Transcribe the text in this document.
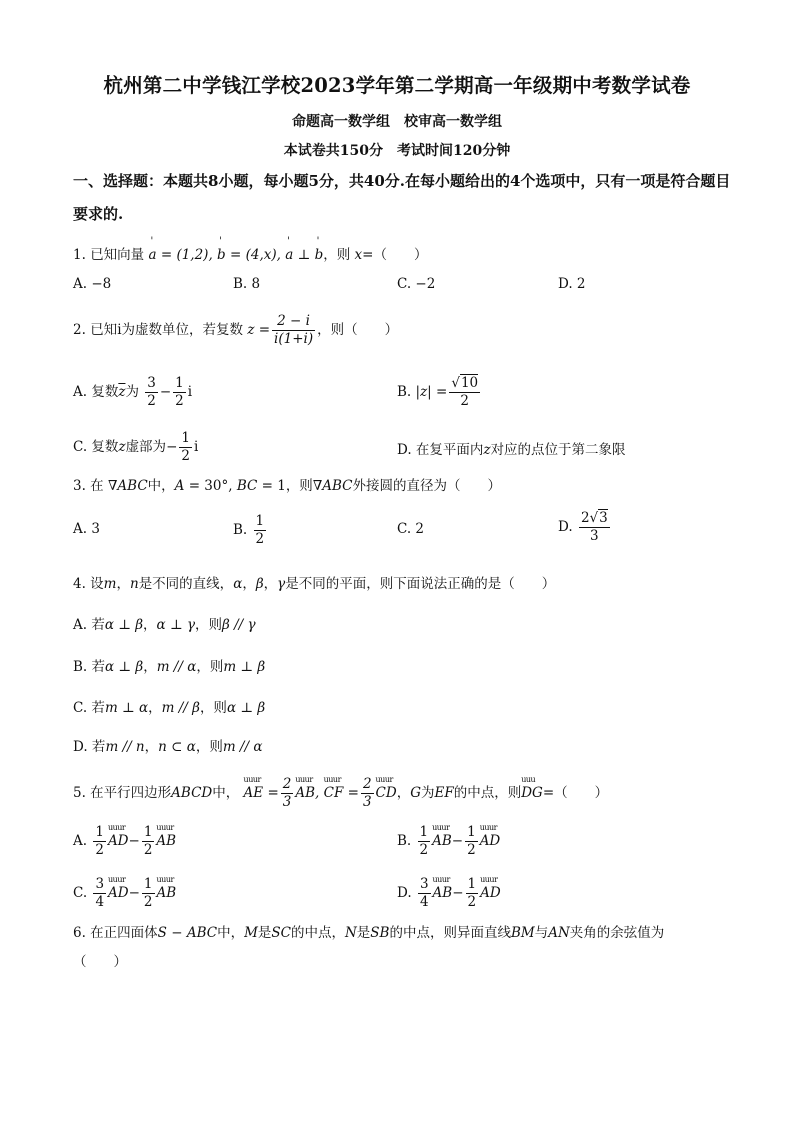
杭州第二中学钱江学校2023学年第二学期高一年级期中考数学试卷
命题高一数学组　校审高一数学组
本试卷共150分　考试时间120分钟
一、选择题：本题共8小题，每小题5分，共40分.在每小题给出的4个选项中，只有一项是符合题目要求的.
1. 已知向量 ' a = (1,2), ' b = (4,x), ' a ⊥ ' b，则 x=（　　）
A. −8	B. 8	C. −2	D. 2
2. 已知i为虚数单位，若复数 $z = \frac{2 - i}{i(1+i)}$ ，则（　　）
A. 复数$\overline{z}$为 $\frac{3}{2} - \frac{1}{2}$ i	B. $|z| = \frac{√10}{2}$
C. 复数z虚部为− $\frac{1}{2}$ i	D. 在复平面内z对应的点位于第二象限
3. 在 ∇ABC中，A = 30°, BC = 1，则∇ABC外接圆的直径为（　　）
A. 3	B. $\frac{1}{2}$	C. 2	D. $\frac{2√3}{3}$
4. 设m，n是不同的直线，α，β，γ是不同的平面，则下面说法正确的是（　　）
A. 若α ⊥ β，α ⊥ γ，则β // γ
B. 若α ⊥ β，m // α，则m ⊥ β
C. 若m ⊥ α，m // β，则α ⊥ β
D. 若m // n，n ⊂ α，则m // α
5. 在平行四边形ABCD中， uuur AE = $\frac{2}{3}$ uuur AB, uuur CF = $\frac{2}{3}$ uuur CD，G为EF的中点，则uuu DG=（　　）
A. $\frac{1}{2}$ uuur $AD- \frac{1}{2}$ uuur AB	B. $\frac{1}{2}$ uuur $AB- \frac{1}{2}$ uuur AD
C. $\frac{3}{4}$ uuur $AD- \frac{1}{2}$ uuur AB	D. $\frac{3}{4}$ uuur $AB- \frac{1}{2}$ uuur AD
6. 在正四面体S − ABC中，M是SC的中点，N是SB的中点，则异面直线BM与AN夹角的余弦值为
（　　）
